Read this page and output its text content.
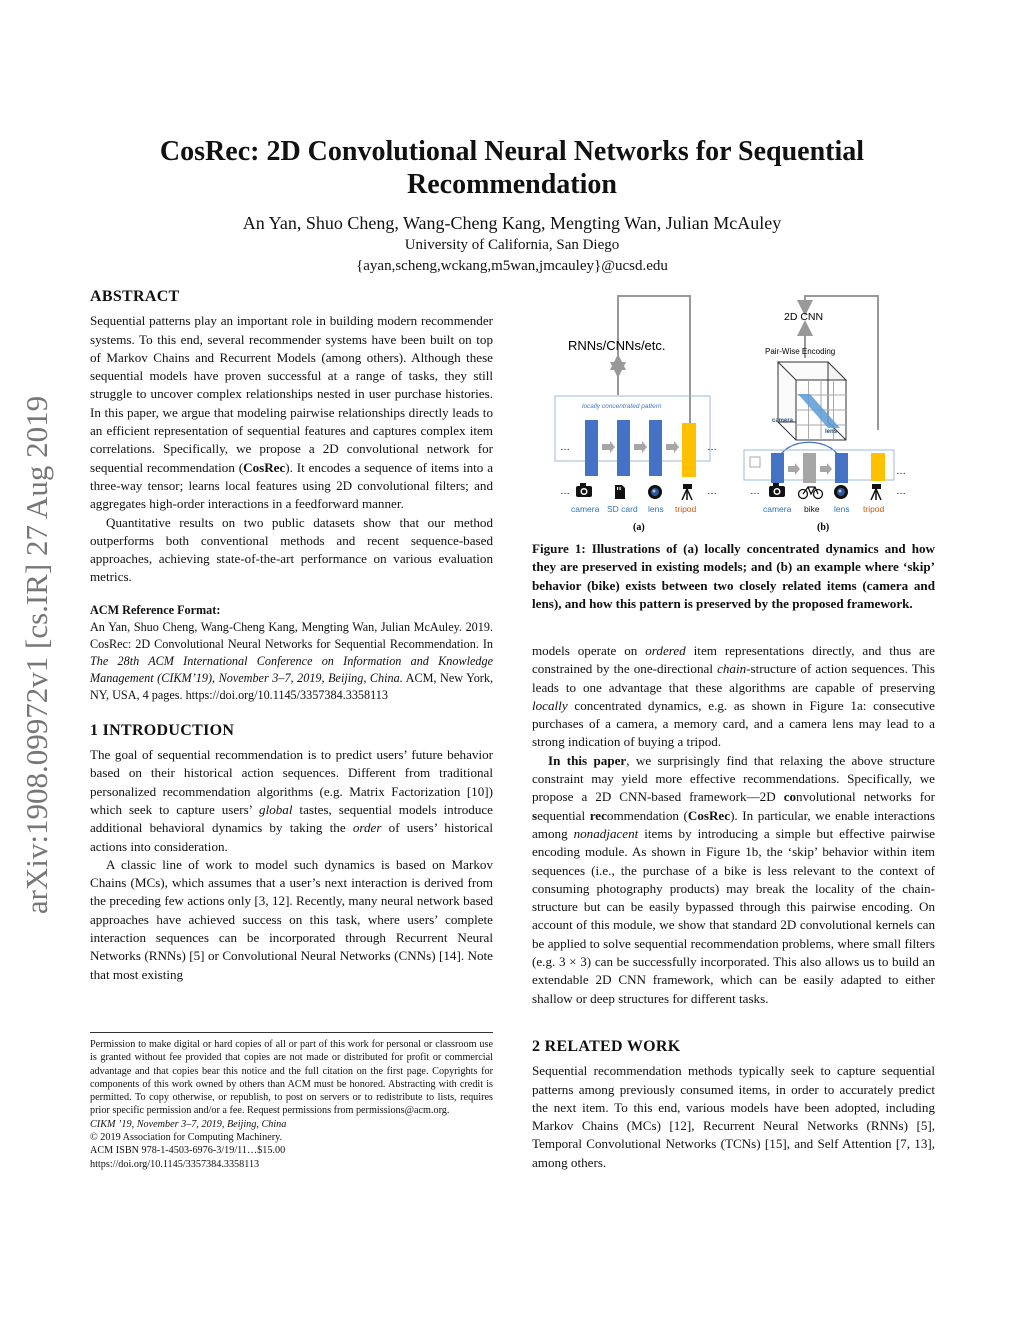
arXiv:1908.09972v1 [cs.IR] 27 Aug 2019
CosRec: 2D Convolutional Neural Networks for Sequential Recommendation
An Yan, Shuo Cheng, Wang-Cheng Kang, Mengting Wan, Julian McAuley
University of California, San Diego
{ayan,scheng,wckang,m5wan,jmcauley}@ucsd.edu
ABSTRACT

Sequential patterns play an important role in building modern recommender systems. To this end, several recommender systems have been built on top of Markov Chains and Recurrent Models (among others). Although these sequential models have proven successful at a range of tasks, they still struggle to uncover complex relationships nested in user purchase histories. In this paper, we argue that modeling pairwise relationships directly leads to an efficient representation of sequential features and captures complex item correlations. Specifically, we propose a 2D convolutional network for sequential recommendation (CosRec). It encodes a sequence of items into a three-way tensor; learns local features using 2D convolutional filters; and aggregates high-order interactions in a feedforward manner.

Quantitative results on two public datasets show that our method outperforms both conventional methods and recent sequence-based approaches, achieving state-of-the-art performance on various evaluation metrics.

ACM Reference Format:
An Yan, Shuo Cheng, Wang-Cheng Kang, Mengting Wan, Julian McAuley. 2019. CosRec: 2D Convolutional Neural Networks for Sequential Recommendation. In The 28th ACM International Conference on Information and Knowledge Management (CIKM’19), November 3–7, 2019, Beijing, China. ACM, New York, NY, USA, 4 pages. https://doi.org/10.1145/3357384.3358113
1 INTRODUCTION

The goal of sequential recommendation is to predict users’ future behavior based on their historical action sequences. Different from traditional personalized recommendation algorithms (e.g. Matrix Factorization [10]) which seek to capture users’ global tastes, sequential models introduce additional behavioral dynamics by taking the order of users’ historical actions into consideration.

A classic line of work to model such dynamics is based on Markov Chains (MCs), which assumes that a user’s next interaction is derived from the preceding few actions only [3, 12]. Recently, many neural network based approaches have achieved success on this task, where users’ complete interaction sequences can be incorporated through Recurrent Neural Networks (RNNs) [5] or Convolutional Neural Networks (CNNs) [14]. Note that most existing

Permission to make digital or hard copies of all or part of this work for personal or classroom use is granted without fee provided that copies are not made or distributed for profit or commercial advantage and that copies bear this notice and the full citation on the first page. Copyrights for components of this work owned by others than ACM must be honored. Abstracting with credit is permitted. To copy otherwise, or republish, to post on servers or to redistribute to lists, requires prior specific permission and/or a fee. Request permissions from permissions@acm.org.

CIKM ’19, November 3–7, 2019, Beijing, China

© 2019 Association for Computing Machinery.

ACM ISBN 978-1-4503-6976-3/19/11…$15.00

https://doi.org/10.1145/3357384.3358113

RNNs/CNNs/etc.
locally concentrated pattern
…	…
…	…
camera SD card lens tripod
(a)
2D CNN
Pair-Wise Encoding
camera
lens
…
…	…
camera bike lens tripod
(b)
Figure 1: Illustrations of (a) locally concentrated dynamics and how they are preserved in existing models; and (b) an example where ‘skip’ behavior (bike) exists between two closely related items (camera and lens), and how this pattern is preserved by the proposed framework.

models operate on ordered item representations directly, and thus are constrained by the one-directional chain-structure of action sequences. This leads to one advantage that these algorithms are capable of preserving locally concentrated dynamics, e.g. as shown in Figure 1a: consecutive purchases of a camera, a memory card, and a camera lens may lead to a strong indication of buying a tripod.

In this paper, we surprisingly find that relaxing the above structure constraint may yield more effective recommendations. Specifically, we propose a 2D CNN-based framework—2D convolutional networks for sequential recommendation (CosRec). In particular, we enable interactions among nonadjacent items by introducing a simple but effective pairwise encoding module. As shown in Figure 1b, the ‘skip’ behavior within item sequences (i.e., the purchase of a bike is less relevant to the context of consuming photography products) may break the locality of the chain-structure but can be easily bypassed through this pairwise encoding. On account of this module, we show that standard 2D convolutional kernels can be applied to solve sequential recommendation problems, where small filters (e.g. 3 × 3) can be successfully incorporated. This also allows us to build an extendable 2D CNN framework, which can be easily adapted to either shallow or deep structures for different tasks.

2 RELATED WORK

Sequential recommendation methods typically seek to capture sequential patterns among previously consumed items, in order to accurately predict the next item. To this end, various models have been adopted, including Markov Chains (MCs) [12], Recurrent Neural Networks (RNNs) [5], Temporal Convolutional Networks (TCNs) [15], and Self Attention [7, 13], among others.
